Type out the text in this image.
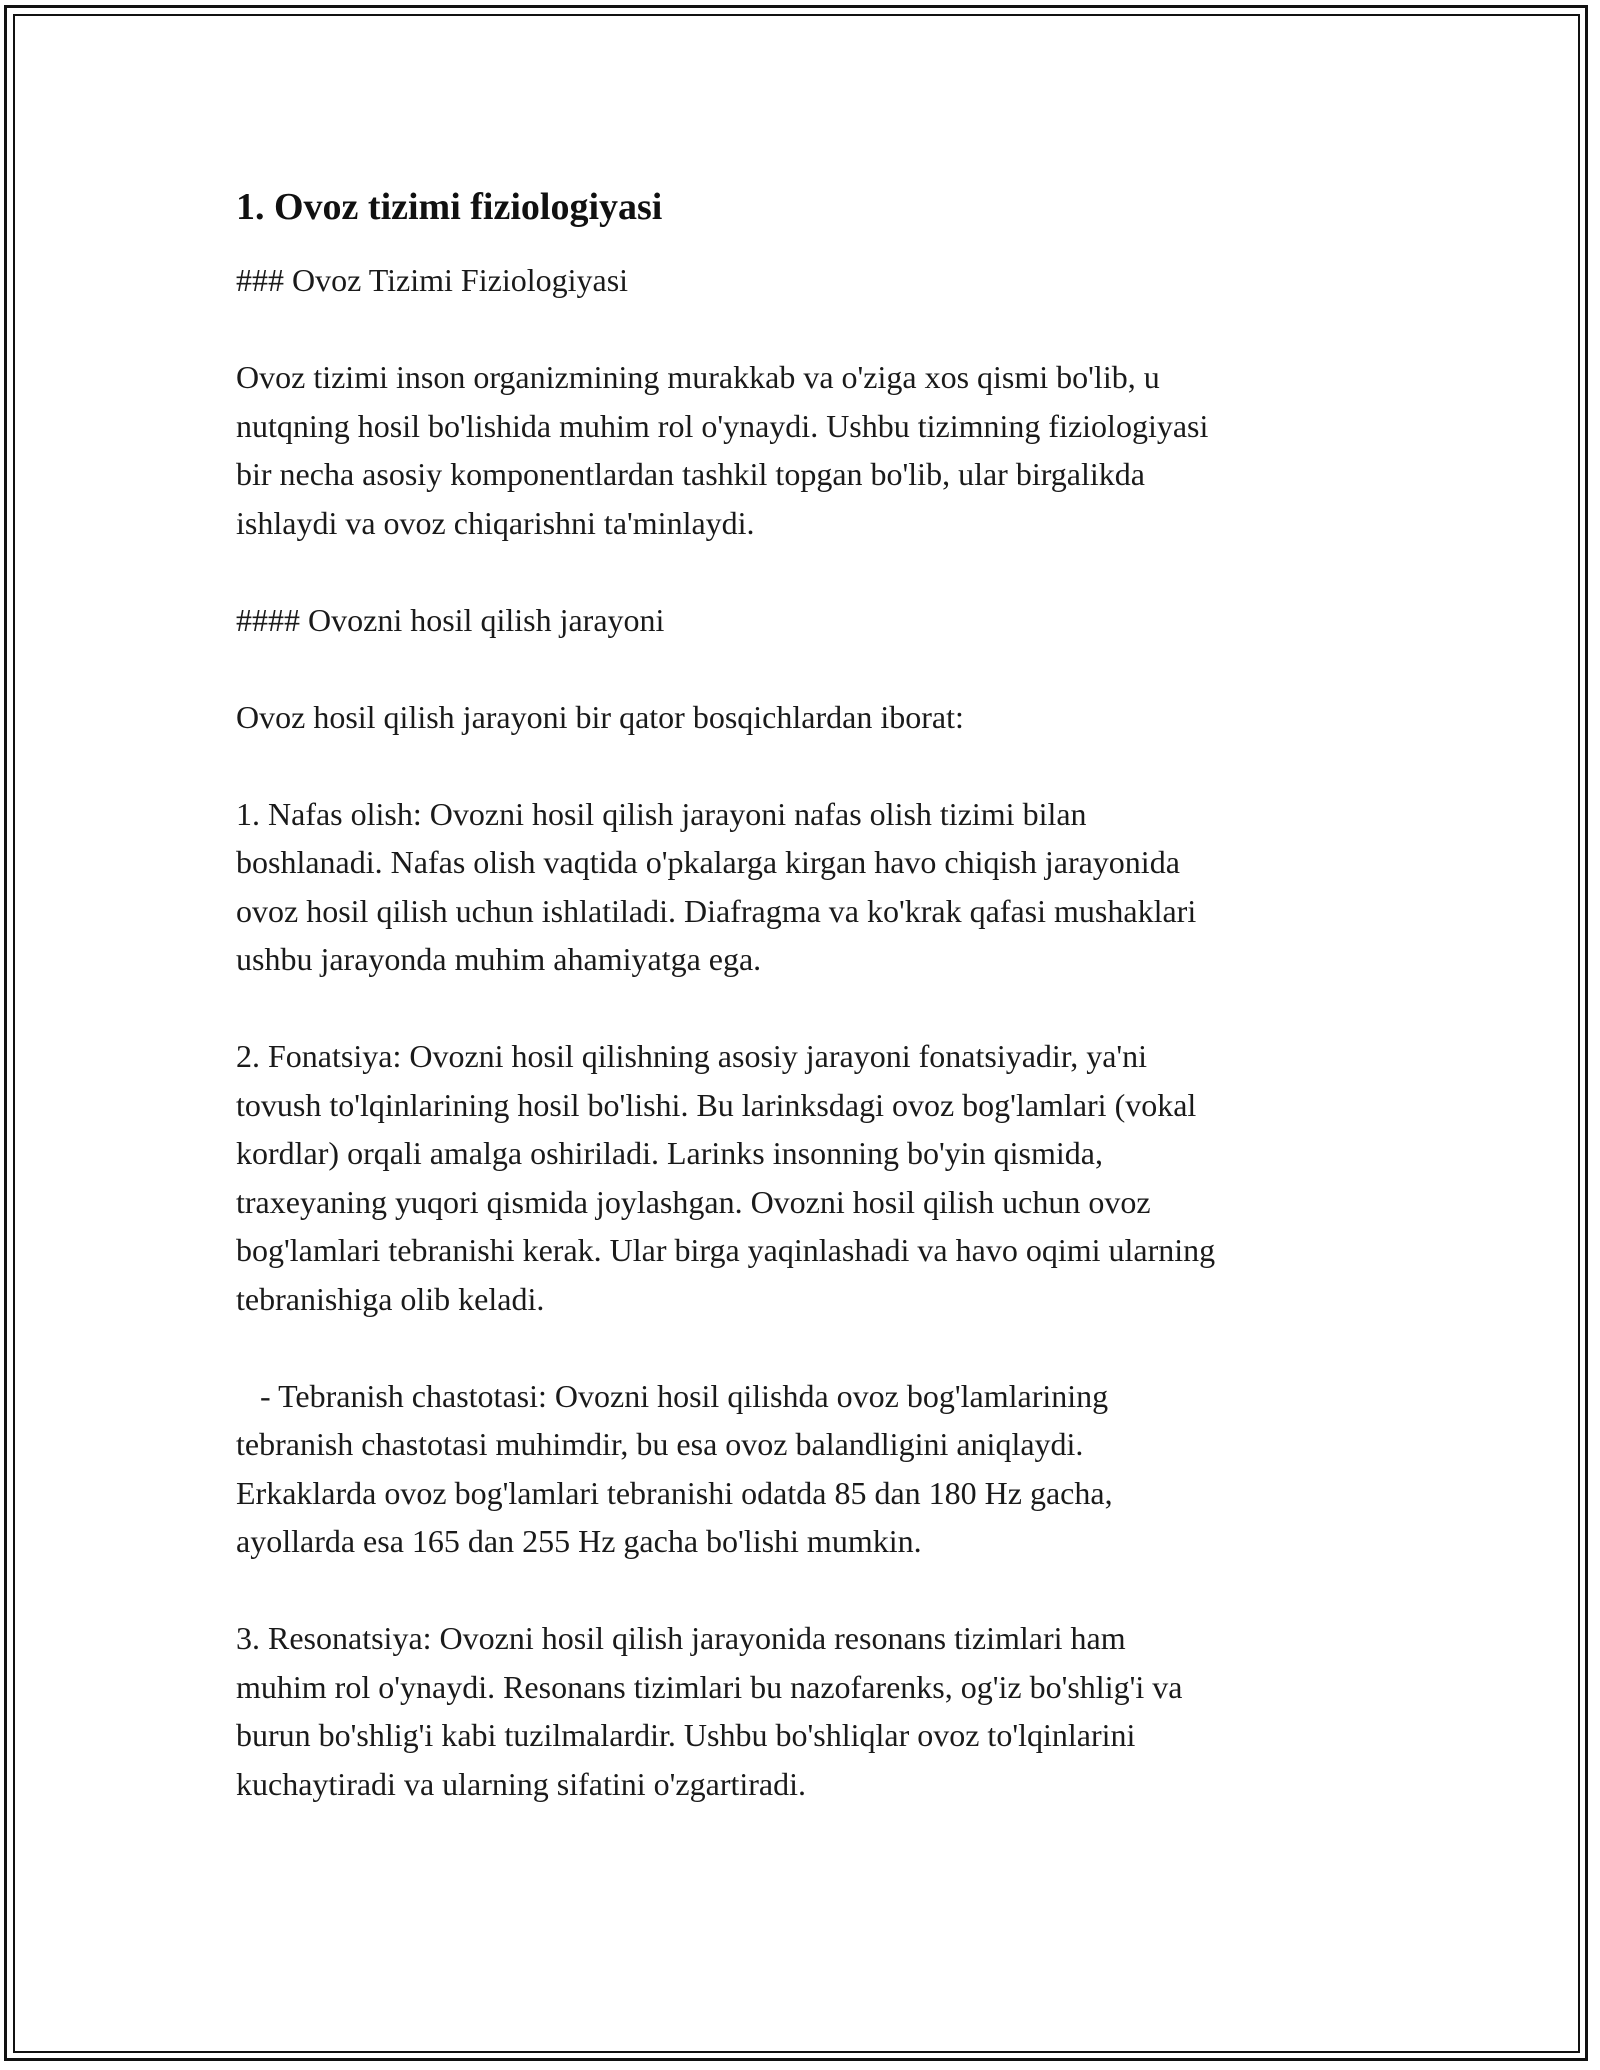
1. Ovoz tizimi fiziologiyasi

### Ovoz Tizimi Fiziologiyasi

Ovoz tizimi inson organizmining murakkab va o'ziga xos qismi bo'lib, u

nutqning hosil bo'lishida muhim rol o'ynaydi. Ushbu tizimning fiziologiyasi

bir necha asosiy komponentlardan tashkil topgan bo'lib, ular birgalikda

ishlaydi va ovoz chiqarishni ta'minlaydi.

#### Ovozni hosil qilish jarayoni

Ovoz hosil qilish jarayoni bir qator bosqichlardan iborat:

1. Nafas olish: Ovozni hosil qilish jarayoni nafas olish tizimi bilan

boshlanadi. Nafas olish vaqtida o'pkalarga kirgan havo chiqish jarayonida

ovoz hosil qilish uchun ishlatiladi. Diafragma va ko'krak qafasi mushaklari

ushbu jarayonda muhim ahamiyatga ega.

2. Fonatsiya: Ovozni hosil qilishning asosiy jarayoni fonatsiyadir, ya'ni

tovush to'lqinlarining hosil bo'lishi. Bu larinksdagi ovoz bog'lamlari (vokal

kordlar) orqali amalga oshiriladi. Larinks insonning bo'yin qismida,

traxeyaning yuqori qismida joylashgan. Ovozni hosil qilish uchun ovoz

bog'lamlari tebranishi kerak. Ular birga yaqinlashadi va havo oqimi ularning

tebranishiga olib keladi.

- Tebranish chastotasi: Ovozni hosil qilishda ovoz bog'lamlarining

tebranish chastotasi muhimdir, bu esa ovoz balandligini aniqlaydi.

Erkaklarda ovoz bog'lamlari tebranishi odatda 85 dan 180 Hz gacha,

ayollarda esa 165 dan 255 Hz gacha bo'lishi mumkin.

3. Resonatsiya: Ovozni hosil qilish jarayonida resonans tizimlari ham

muhim rol o'ynaydi. Resonans tizimlari bu nazofarenks, og'iz bo'shlig'i va

burun bo'shlig'i kabi tuzilmalardir. Ushbu bo'shliqlar ovoz to'lqinlarini

kuchaytiradi va ularning sifatini o'zgartiradi.
